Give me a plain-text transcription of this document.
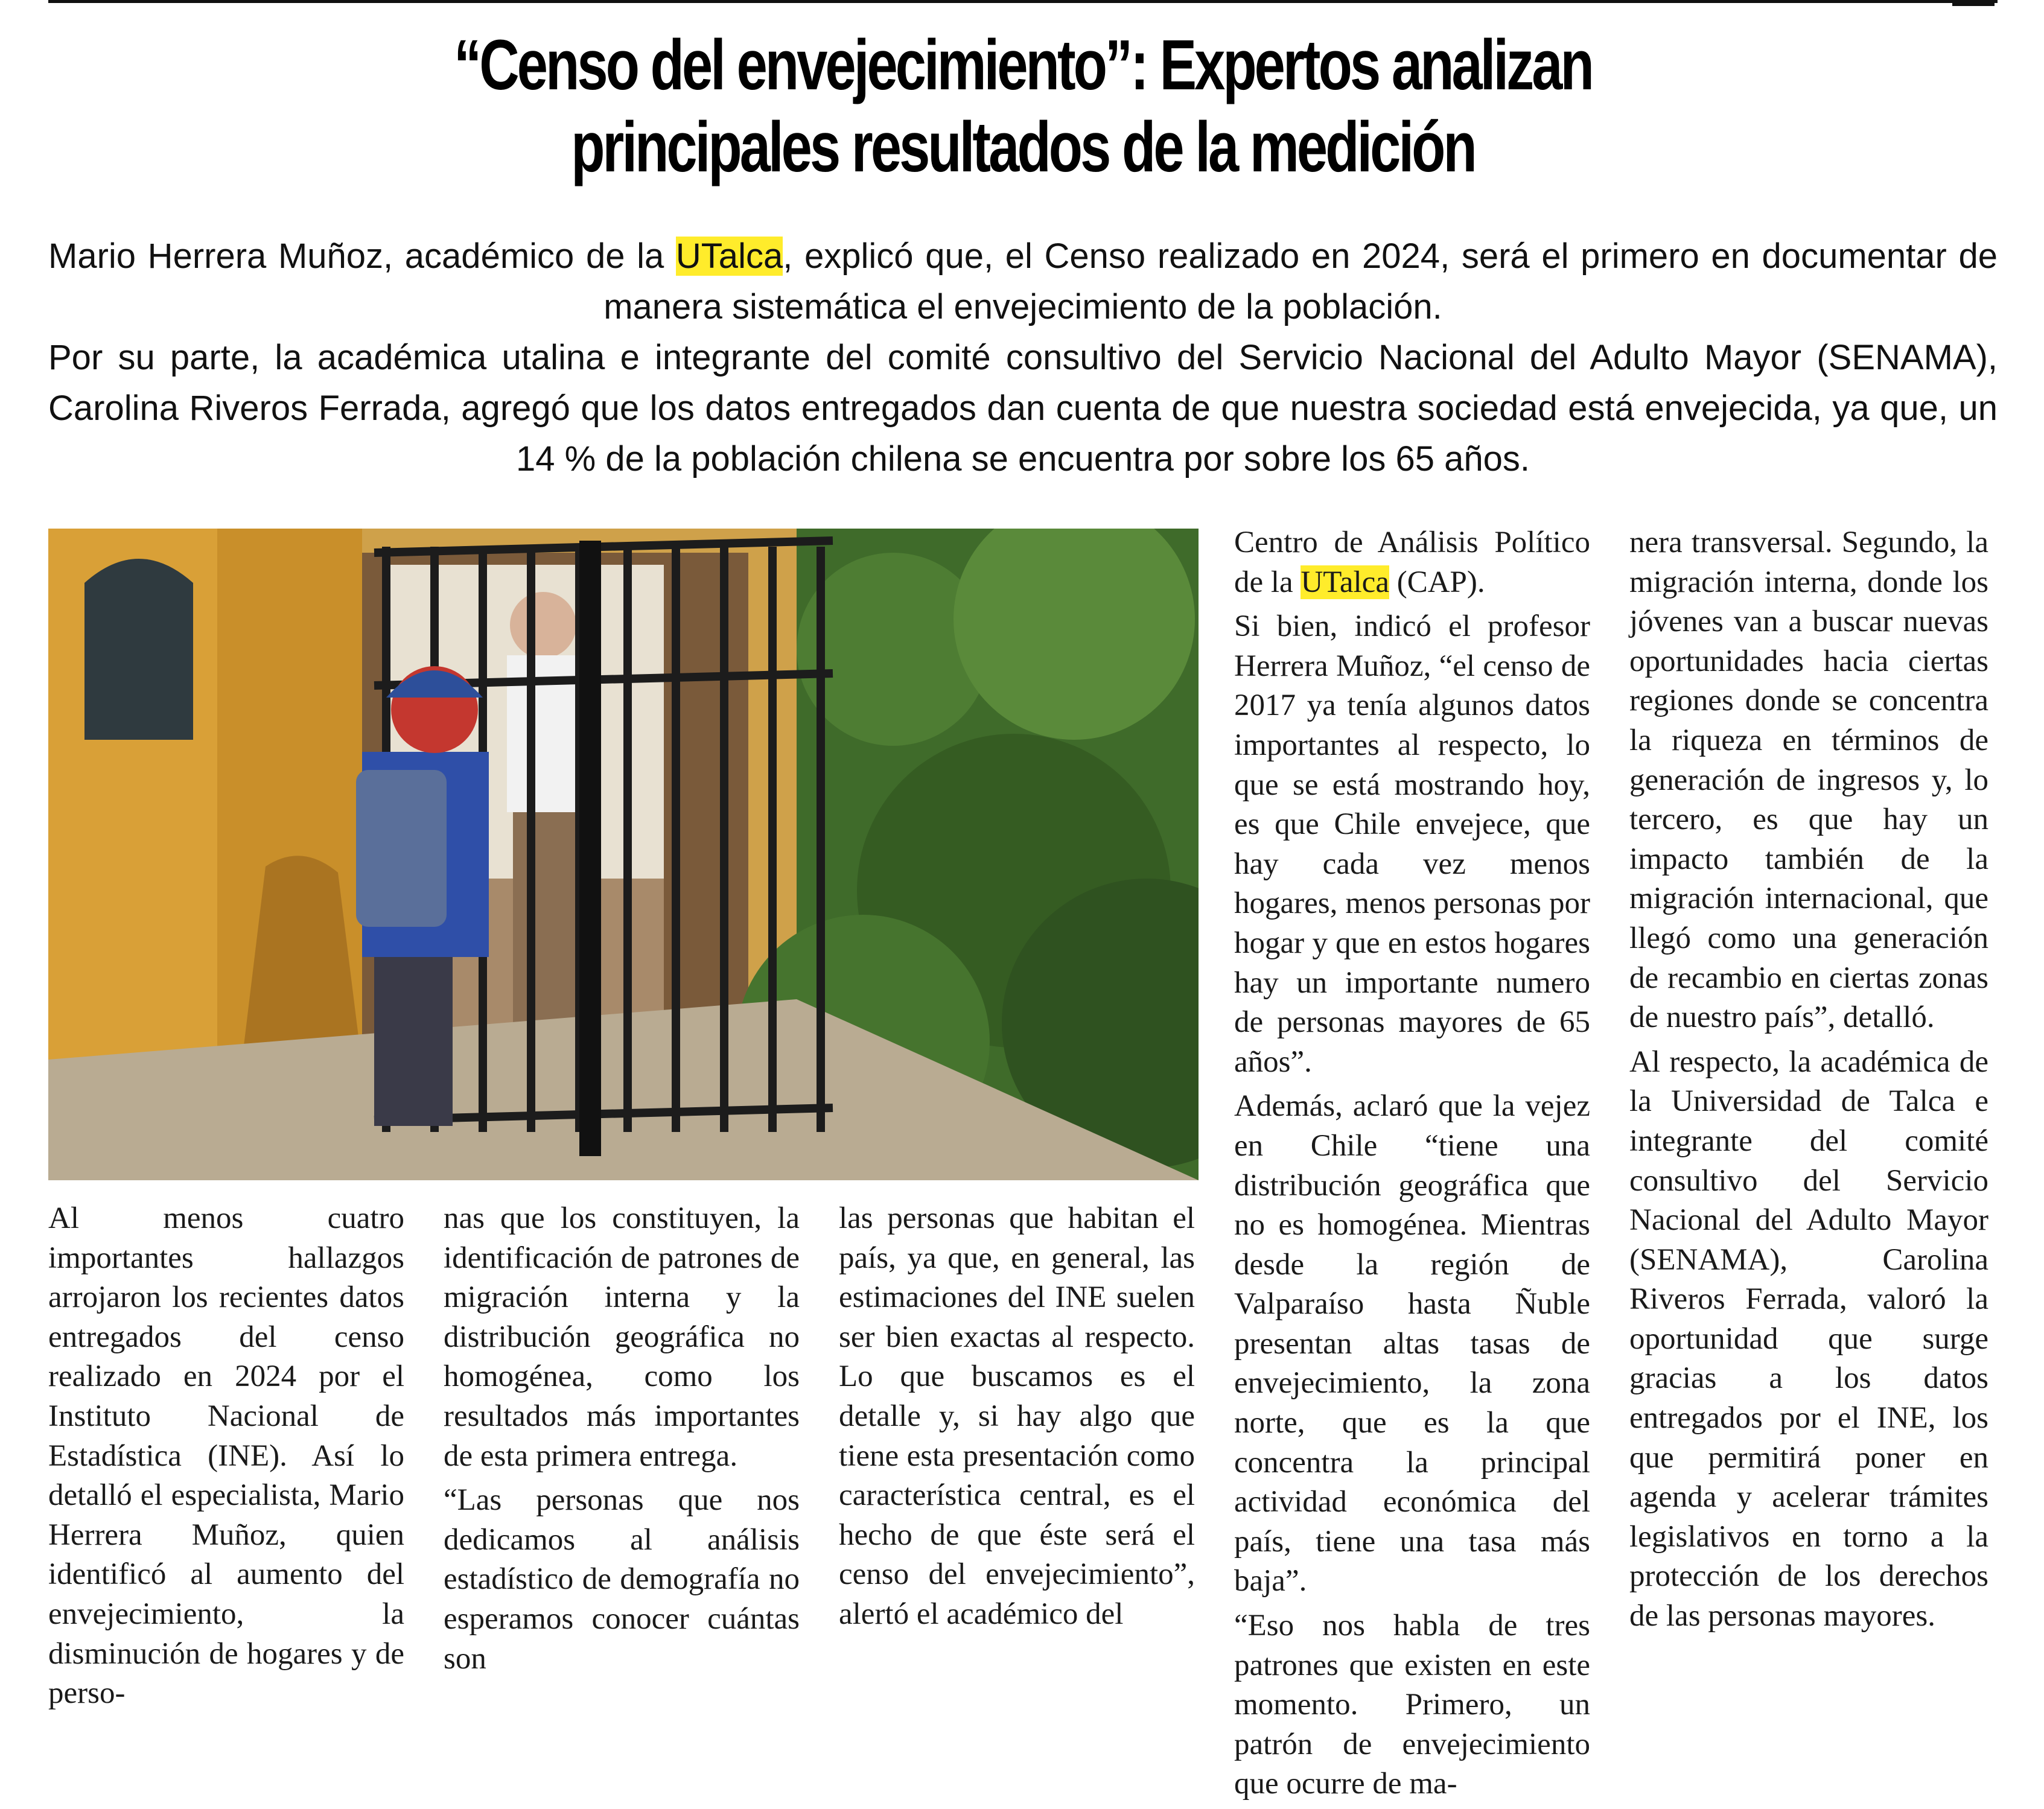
“Censo del envejecimiento”: Expertos analizan
principales resultados de la medición

Mario Herrera Muñoz, académico de la UTalca, explicó que, el Censo realizado en 2024, será el primero en documentar de manera sistemática el envejecimiento de la población.

Por su parte, la académica utalina e integrante del comité consultivo del Servicio Nacional del Adulto Mayor (SENAMA), Carolina Riveros Ferrada, agregó que los datos entregados dan cuenta de que nuestra sociedad está envejecida, ya que, un 14 % de la población chilena se encuentra por sobre los 65 años.

Al menos cuatro importantes hallazgos arrojaron los recientes datos entregados del censo realizado en 2024 por el Instituto Nacional de Estadística (INE). Así lo detalló el especialista, Mario Herrera Muñoz, quien identificó al aumento del envejecimiento, la disminución de hogares y de perso-

nas que los constituyen, la identificación de patrones de migración interna y la distribución geográfica no homogénea, como los resultados más importantes de esta primera entrega.

“Las personas que nos dedicamos al análisis estadístico de demografía no esperamos conocer cuántas son

las personas que habitan el país, ya que, en general, las estimaciones del INE suelen ser bien exactas al respecto. Lo que buscamos es el detalle y, si hay algo que tiene esta presentación como característica central, es el hecho de que éste será el censo del envejecimiento”, alertó el académico del

Centro de Análisis Político de la UTalca (CAP).

Si bien, indicó el profesor Herrera Muñoz, “el censo de 2017 ya tenía algunos datos importantes al respecto, lo que se está mostrando hoy, es que Chile envejece, que hay cada vez menos hogares, menos personas por hogar y que en estos hogares hay un importante numero de personas mayores de 65 años”.

Además, aclaró que la vejez en Chile “tiene una distribución geográfica que no es homogénea. Mientras desde la región de Valparaíso hasta Ñuble presentan altas tasas de envejecimiento, la zona norte, que es la que concentra la principal actividad económica del país, tiene una tasa más baja”.

“Eso nos habla de tres patrones que existen en este momento. Primero, un patrón de envejecimiento que ocurre de ma-

nera transversal. Segundo, la migración interna, donde los jóvenes van a buscar nuevas oportunidades hacia ciertas regiones donde se concentra la riqueza en términos de generación de ingresos y, lo tercero, es que hay un impacto también de la migración internacional, que llegó como una generación de recambio en ciertas zonas de nuestro país”, detalló.

Al respecto, la académica de la Universidad de Talca e integrante del comité consultivo del Servicio Nacional del Adulto Mayor (SENAMA), Carolina Riveros Ferrada, valoró la oportunidad que surge gracias a los datos entregados por el INE, los que permitirá poner en agenda y acelerar trámites legislativos en torno a la protección de los derechos de las personas mayores.
